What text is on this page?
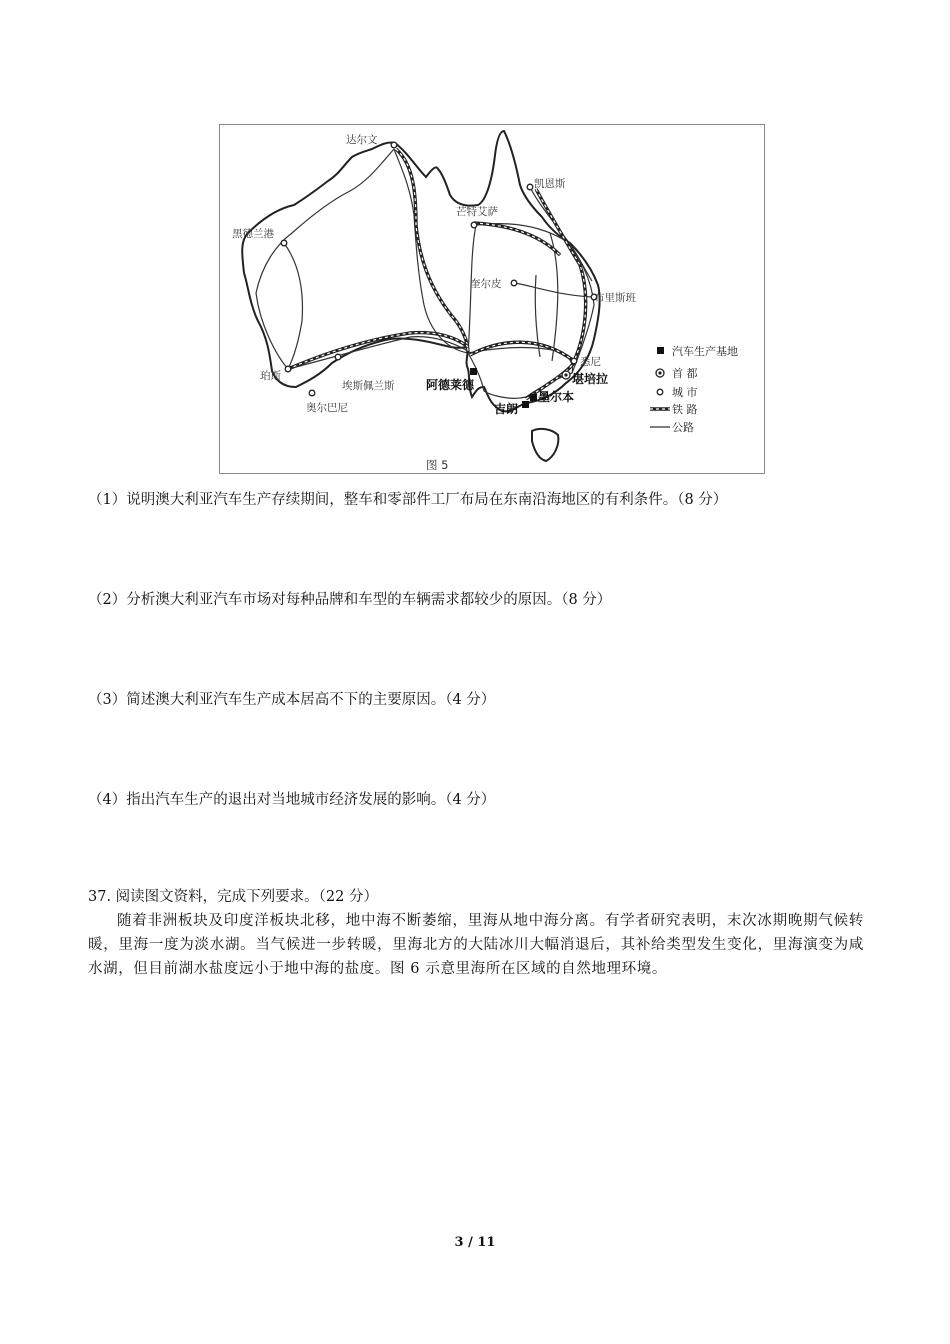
达尔文
凯恩斯
芒特艾萨
黑德兰港
奎尔皮
布里斯班
悉尼
堪培拉
阿德莱德
墨尔本
吉朗
珀斯
埃斯佩兰斯
奥尔巴尼
汽车生产基地
首 都
城 市
铁 路
公路
图 5
（1）说明澳大利亚汽车生产存续期间，整车和零部件工厂布局在东南沿海地区的有利条件。（8 分）
（2）分析澳大利亚汽车市场对每种品牌和车型的车辆需求都较少的原因。（8 分）
（3）简述澳大利亚汽车生产成本居高不下的主要原因。（4 分）
（4）指出汽车生产的退出对当地城市经济发展的影响。（4 分）
37. 阅读图文资料，完成下列要求。（22 分）
随着非洲板块及印度洋板块北移，地中海不断萎缩，里海从地中海分离。有学者研究表明，末次冰期晚期气候转暖，里海一度为淡水湖。当气候进一步转暖，里海北方的大陆冰川大幅消退后，其补给类型发生变化，里海演变为咸水湖，但目前湖水盐度远小于地中海的盐度。图 6 示意里海所在区域的自然地理环境。
3 / 11
